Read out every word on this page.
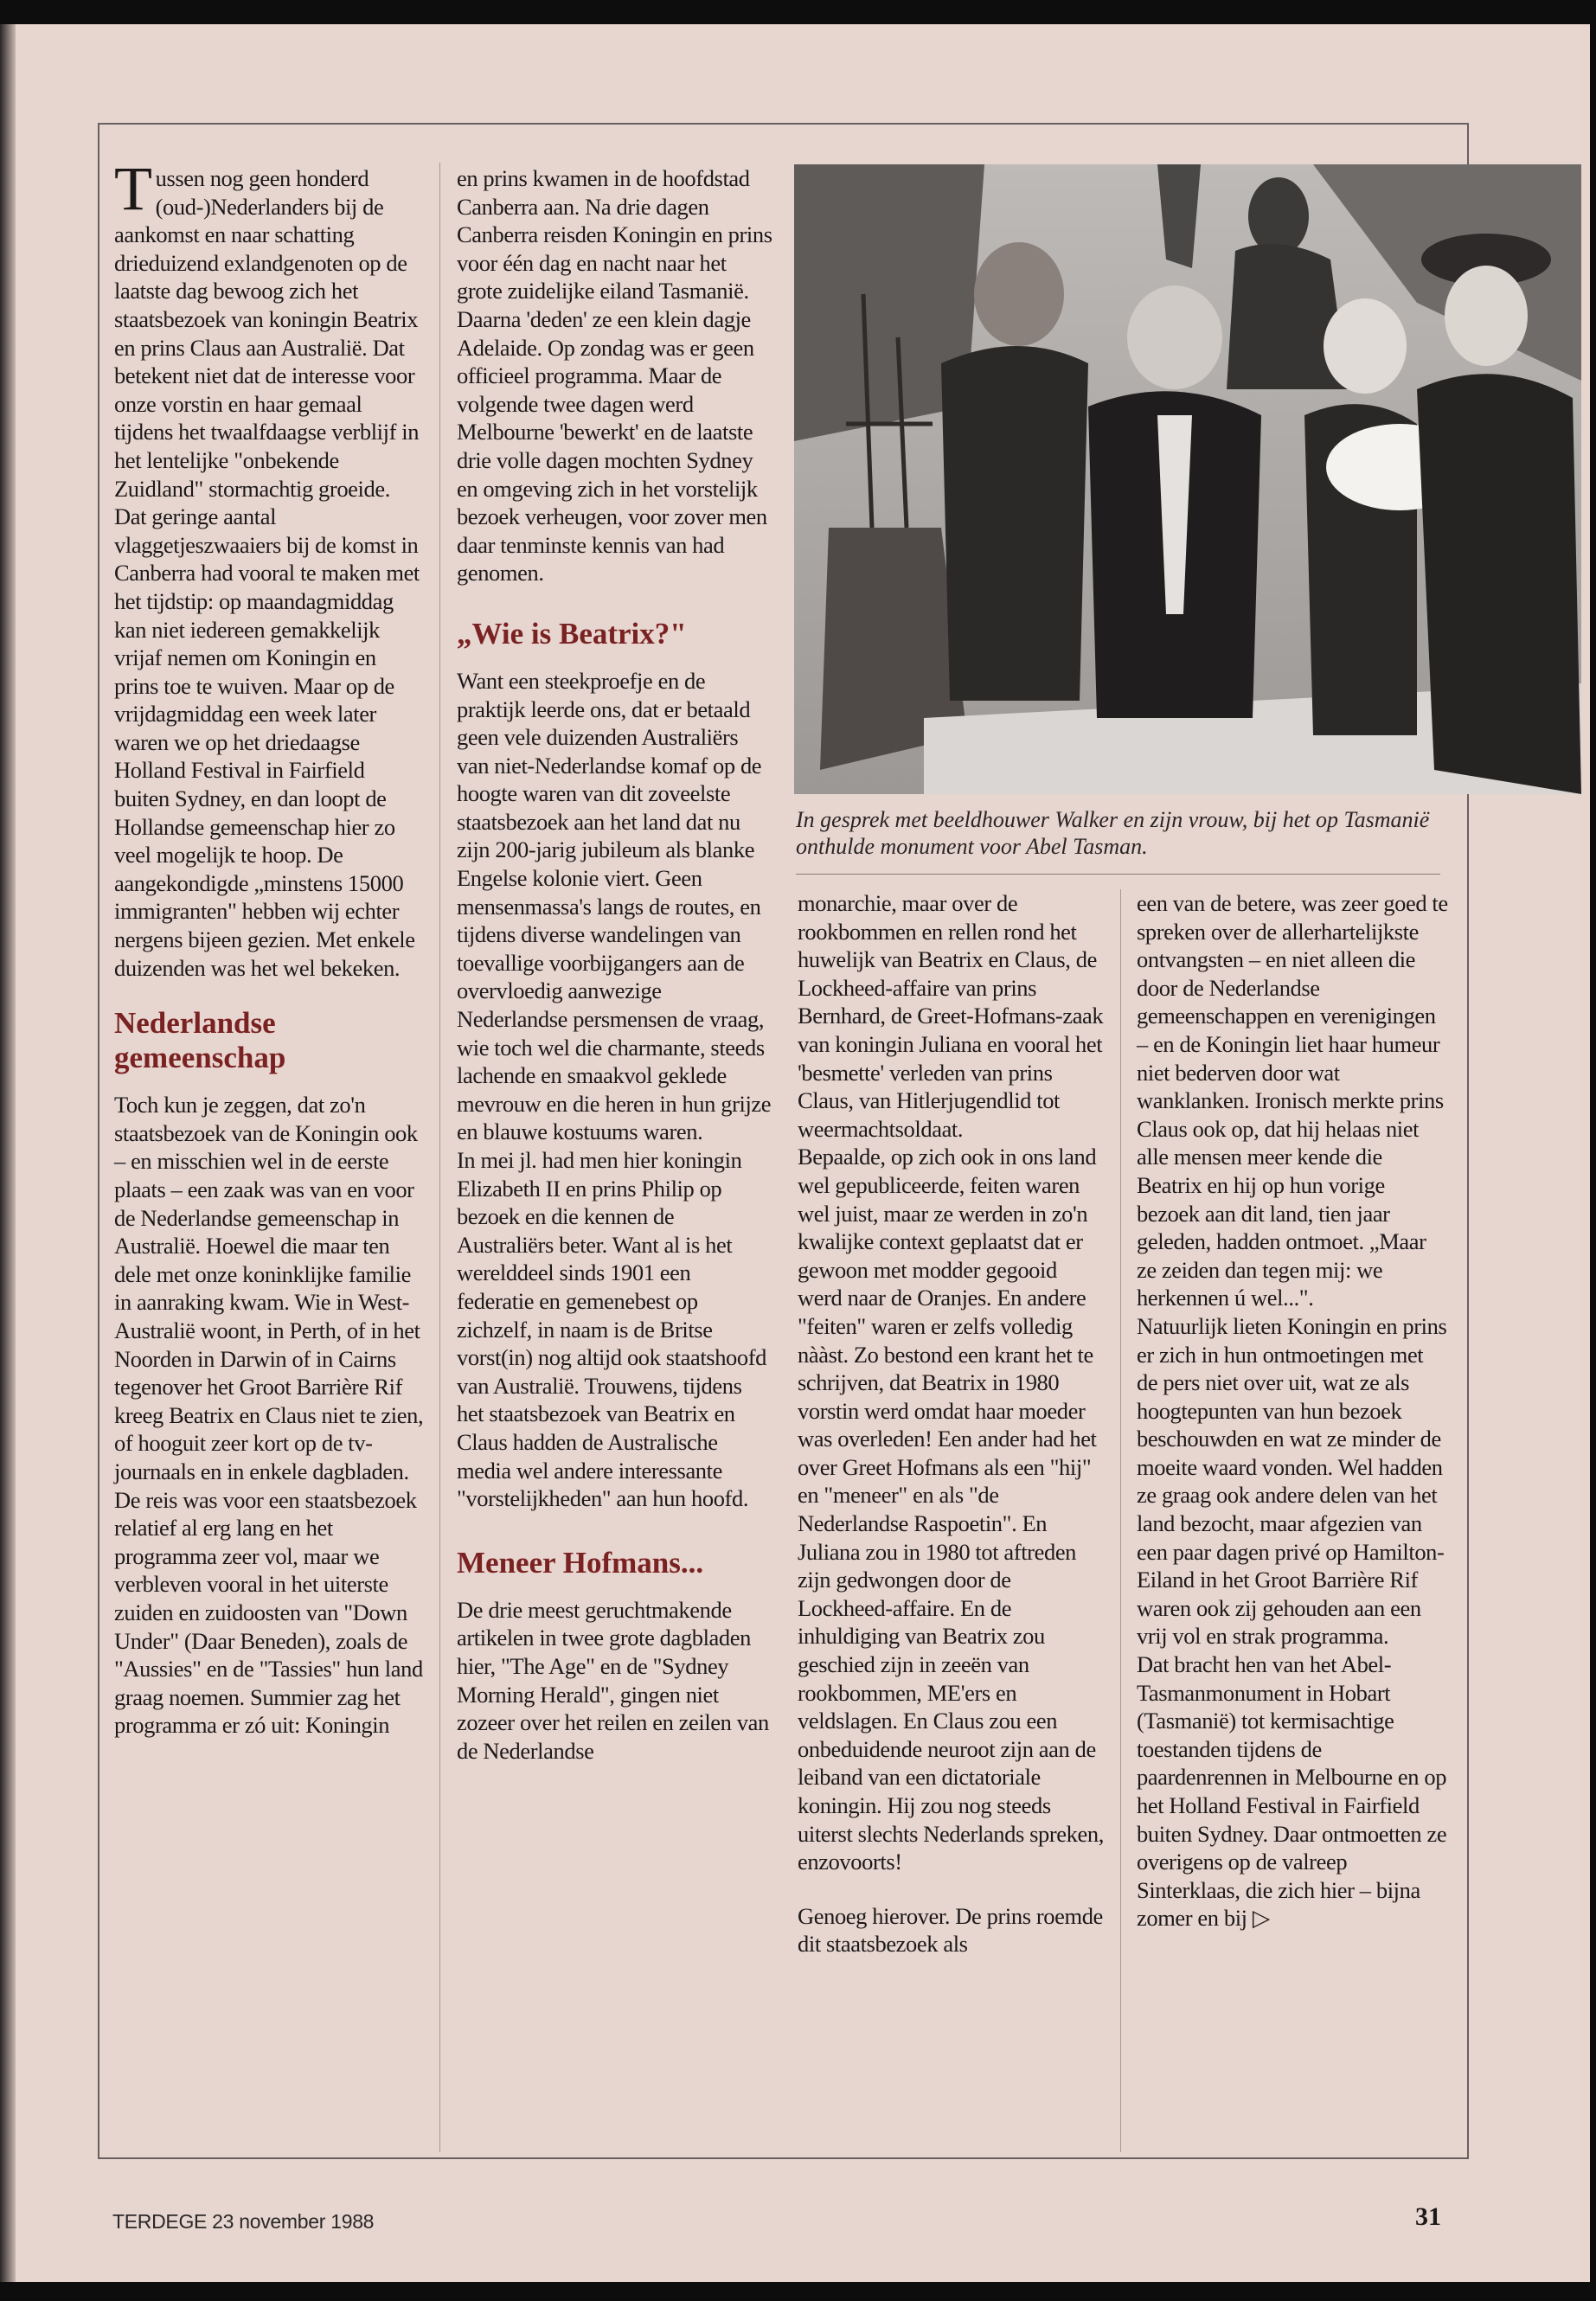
Tussen nog geen honderd (oud-)Nederlanders bij de aankomst en naar schatting drieduizend exlandgenoten op de laatste dag bewoog zich het staatsbezoek van koningin Beatrix en prins Claus aan Australië. Dat betekent niet dat de interesse voor onze vorstin en haar gemaal tijdens het twaalfdaagse verblijf in het lentelijke "onbekende Zuidland" stormachtig groeide.

Dat geringe aantal vlaggetjeszwaaiers bij de komst in Canberra had vooral te maken met het tijdstip: op maandagmiddag kan niet iedereen gemakkelijk vrijaf nemen om Koningin en prins toe te wuiven. Maar op de vrijdagmiddag een week later waren we op het driedaagse Holland Festival in Fairfield buiten Sydney, en dan loopt de Hollandse gemeenschap hier zo veel mogelijk te hoop. De aangekondigde „minstens 15000 immigranten" hebben wij echter nergens bijeen gezien. Met enkele duizenden was het wel bekeken.

Nederlandse gemeenschap

Toch kun je zeggen, dat zo'n staatsbezoek van de Koningin ook – en misschien wel in de eerste plaats – een zaak was van en voor de Nederlandse gemeenschap in Australië. Hoewel die maar ten dele met onze koninklijke familie in aanraking kwam. Wie in West-Australië woont, in Perth, of in het Noorden in Darwin of in Cairns tegenover het Groot Barrière Rif kreeg Beatrix en Claus niet te zien, of hooguit zeer kort op de tv-journaals en in enkele dagbladen.

De reis was voor een staatsbezoek relatief al erg lang en het programma zeer vol, maar we verbleven vooral in het uiterste zuiden en zuidoosten van "Down Under" (Daar Beneden), zoals de "Aussies" en de "Tassies" hun land graag noemen. Summier zag het programma er zó uit: Koningin

en prins kwamen in de hoofdstad Canberra aan. Na drie dagen Canberra reisden Koningin en prins voor één dag en nacht naar het grote zuidelijke eiland Tasmanië. Daarna 'deden' ze een klein dagje Adelaide. Op zondag was er geen officieel programma. Maar de volgende twee dagen werd Melbourne 'bewerkt' en de laatste drie volle dagen mochten Sydney en omgeving zich in het vorstelijk bezoek verheugen, voor zover men daar tenminste kennis van had genomen.

„Wie is Beatrix?"

Want een steekproefje en de praktijk leerde ons, dat er betaald geen vele duizenden Australiërs van niet-Nederlandse komaf op de hoogte waren van dit zoveelste staatsbezoek aan het land dat nu zijn 200-jarig jubileum als blanke Engelse kolonie viert. Geen mensenmassa's langs de routes, en tijdens diverse wandelingen van toevallige voorbijgangers aan de overvloedig aanwezige Nederlandse persmensen de vraag, wie toch wel die charmante, steeds lachende en smaakvol geklede mevrouw en die heren in hun grijze en blauwe kostuums waren.

In mei jl. had men hier koningin Elizabeth II en prins Philip op bezoek en die kennen de Australiërs beter. Want al is het werelddeel sinds 1901 een federatie en gemenebest op zichzelf, in naam is de Britse vorst(in) nog altijd ook staatshoofd van Australië. Trouwens, tijdens het staatsbezoek van Beatrix en Claus hadden de Australische media wel andere interessante "vorstelijkheden" aan hun hoofd.

Meneer Hofmans...

De drie meest geruchtmakende artikelen in twee grote dagbladen hier, "The Age" en de "Sydney Morning Herald", gingen niet zozeer over het reilen en zeilen van de Nederlandse

In gesprek met beeldhouwer Walker en zijn vrouw, bij het op Tasmanië onthulde monument voor Abel Tasman.

monarchie, maar over de rookbommen en rellen rond het huwelijk van Beatrix en Claus, de Lockheed-affaire van prins Bernhard, de Greet-Hofmans-zaak van koningin Juliana en vooral het 'besmette' verleden van prins Claus, van Hitlerjugendlid tot weermachtsoldaat.

Bepaalde, op zich ook in ons land wel gepubliceerde, feiten waren wel juist, maar ze werden in zo'n kwalijke context geplaatst dat er gewoon met modder gegooid werd naar de Oranjes. En andere "feiten" waren er zelfs volledig nààst. Zo bestond een krant het te schrijven, dat Beatrix in 1980 vorstin werd omdat haar moeder was overleden! Een ander had het over Greet Hofmans als een "hij" en "meneer" en als "de Nederlandse Raspoetin". En Juliana zou in 1980 tot aftreden zijn gedwongen door de Lockheed-affaire. En de inhuldiging van Beatrix zou geschied zijn in zeeën van rookbommen, ME'ers en veldslagen. En Claus zou een onbeduidende neuroot zijn aan de leiband van een dictatoriale koningin. Hij zou nog steeds uiterst slechts Nederlands spreken, enzovoorts!

Genoeg hierover. De prins roemde dit staatsbezoek als

een van de betere, was zeer goed te spreken over de allerhartelijkste ontvangsten – en niet alleen die door de Nederlandse gemeenschappen en verenigingen – en de Koningin liet haar humeur niet bederven door wat wanklanken. Ironisch merkte prins Claus ook op, dat hij helaas niet alle mensen meer kende die Beatrix en hij op hun vorige bezoek aan dit land, tien jaar geleden, hadden ontmoet. „Maar ze zeiden dan tegen mij: we herkennen ú wel...".

Natuurlijk lieten Koningin en prins er zich in hun ontmoetingen met de pers niet over uit, wat ze als hoogtepunten van hun bezoek beschouwden en wat ze minder de moeite waard vonden. Wel hadden ze graag ook andere delen van het land bezocht, maar afgezien van een paar dagen privé op Hamilton-Eiland in het Groot Barrière Rif waren ook zij gehouden aan een vrij vol en strak programma.

Dat bracht hen van het Abel-Tasmanmonument in Hobart (Tasmanië) tot kermisachtige toestanden tijdens de paardenrennen in Melbourne en op het Holland Festival in Fairfield buiten Sydney. Daar ontmoetten ze overigens op de valreep Sinterklaas, die zich hier – bijna zomer en bij ▷

TERDEGE 23 november 1988	31
